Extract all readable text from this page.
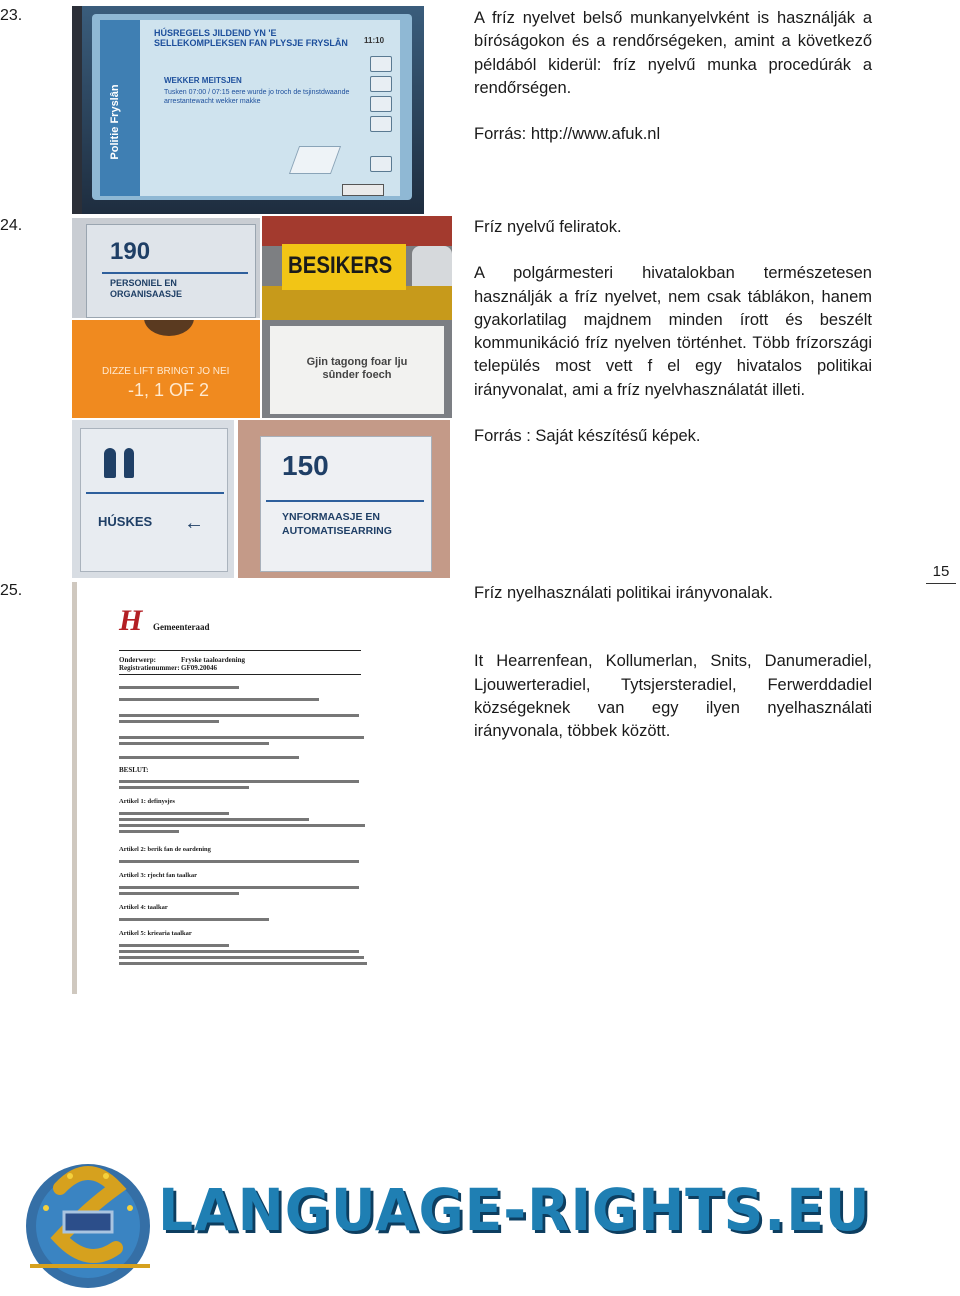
23.
24.
25.

A fríz nyelvet belső munkanyelvként is használják a bíróságokon és a rendőrségeken, amint a következő példából kiderül: fríz nyelvű munka procedúrák a rendőrségen.

Forrás: http://www.afuk.nl

Fríz nyelvű feliratok.

A polgármesteri hivatalokban természetesen használják a fríz nyelvet, nem csak táblákon, hanem gyakorlatilag majdnem minden írott és beszélt kommunikáció fríz nyelven történhet. Több frízországi település most vett f el egy hivatalos politikai irányvonalat, ami a fríz nyelvhasználatát illeti.

Forrás : Saját készítésű képek.

Fríz nyelhasználati politikai irányvonalak.

It Hearrenfean, Kollumerlan, Snits, Danumeradiel, Ljouwerteradiel, Tytsjersteradiel, Ferwerddadiel községeknek van egy ilyen nyelhasználati irányvonala, többek között.

15
Politie Fryslân
HÚSREGELS JILDEND YN 'E SELLEKOMPLEKSEN FAN PLYSJE FRYSLÂN
WEKKER MEITSJEN
Tusken 07:00 / 07:15 eere wurde jo troch de tsjinstdwaande arrestantewacht wekker makke
11:10
190
PERSONIEL EN ORGANISAASJE
BESIKERS
DIZZE LIFT BRINGT JO NEI
-1, 1 OF 2
Gjin tagong foar lju sûnder foech
HÚSKES ←
150
YNFORMAASJE EN AUTOMATISEARRING
H Gemeenteraad
Onderwerp:	Fryske taaloardening
Registratienummer: GF09.20046
BESLUT:
Artikel 1: definysjes
Artikel 2: berik fan de oardening
Artikel 3: rjocht fan taalkar
Artikel 4: taalkar
Artikel 5: kriearia taalkar
LANGUAGE-RIGHTS.EU
